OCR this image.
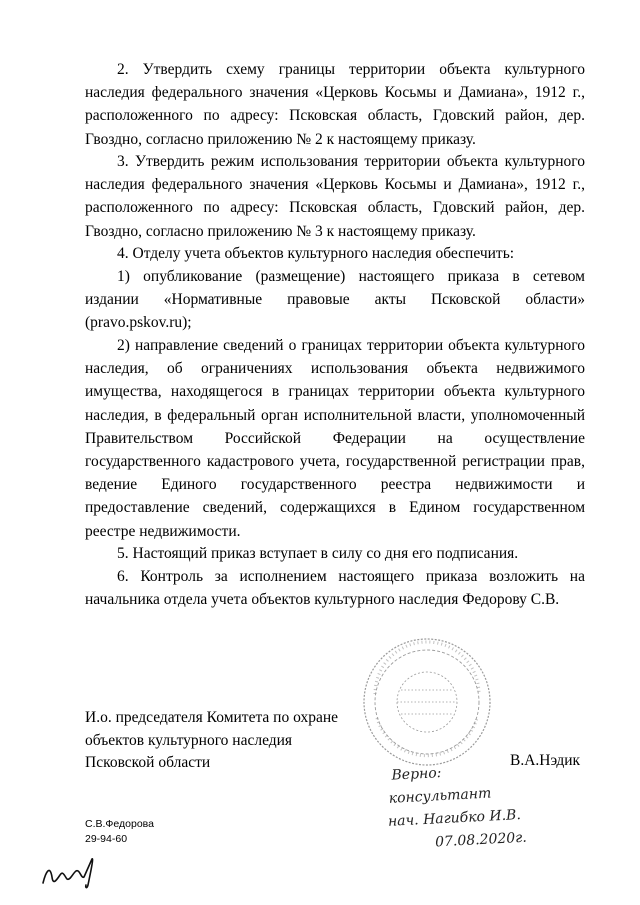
2. Утвердить схему границы территории объекта культурного наследия федерального значения «Церковь Косьмы и Дамиана», 1912 г., расположенного по адресу: Псковская область, Гдовский район, дер. Гвоздно, согласно приложению № 2 к настоящему приказу.

3. Утвердить режим использования территории объекта культурного наследия федерального значения «Церковь Косьмы и Дамиана», 1912 г., расположенного по адресу: Псковская область, Гдовский район, дер. Гвоздно, согласно приложению № 3 к настоящему приказу.

4. Отделу учета объектов культурного наследия обеспечить:

1) опубликование (размещение) настоящего приказа в сетевом издании «Нормативные правовые акты Псковской области» (pravo.pskov.ru);

2) направление сведений о границах территории объекта культурного наследия, об ограничениях использования объекта недвижимого имущества, находящегося в границах территории объекта культурного наследия, в федеральный орган исполнительной власти, уполномоченный Правительством Российской Федерации на осуществление государственного кадастрового учета, государственной регистрации прав, ведение Единого государственного реестра недвижимости и предоставление сведений, содержащихся в Едином государственном реестре недвижимости.

5. Настоящий приказ вступает в силу со дня его подписания.

6. Контроль за исполнением настоящего приказа возложить на начальника отдела учета объектов культурного наследия Федорову С.В.

И.о. председателя Комитета по охране
объектов культурного наследия
Псковской области	В.А.Нэдик
Верно:
консультант
нач. Нагибко И.В.
07.08.2020г.
С.В.Федорова
29-94-60
